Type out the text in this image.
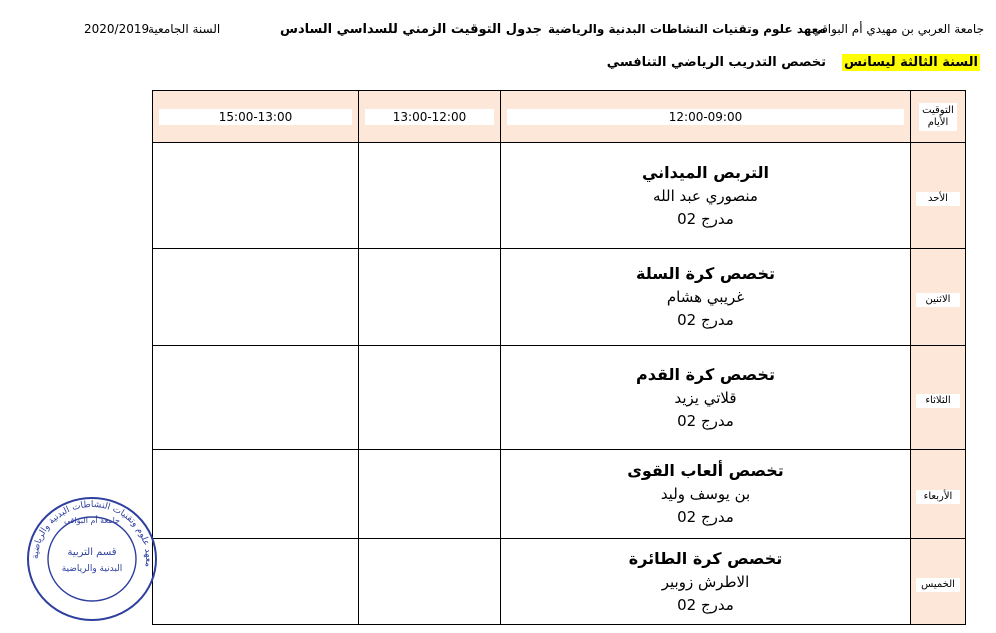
جامعة العربي بن مهيدي أم البواقي
معهد علوم وتقنيات النشاطات البدنية والرياضية
جدول التوقيت الزمني للسداسي السادس
السنة الجامعية
2020/2019
السنة الثالثة ليسانستخصص التدريب الرياضي التنافسي
15:00-13:00	13:00-12:00	12:00-09:00	التوقيت
الأيام

		التربص الميداني
منصوري عبد الله
مدرج 02	الأحد

		تخصص كرة السلة
غريبي هشام
مدرج 02	الاثنين

		تخصص كرة القدم
قلاتي يزيد
مدرج 02	الثلاثاء

		تخصص ألعاب القوى
بن يوسف وليد
مدرج 02	الأربعاء

		تخصص كرة الطائرة
الاطرش زوبير
مدرج 02	الخميس
معهد علوم وتقنيات النشاطات البدنية والرياضية
جامعة أم البواقي
قسم التربية
البدنية والرياضية
